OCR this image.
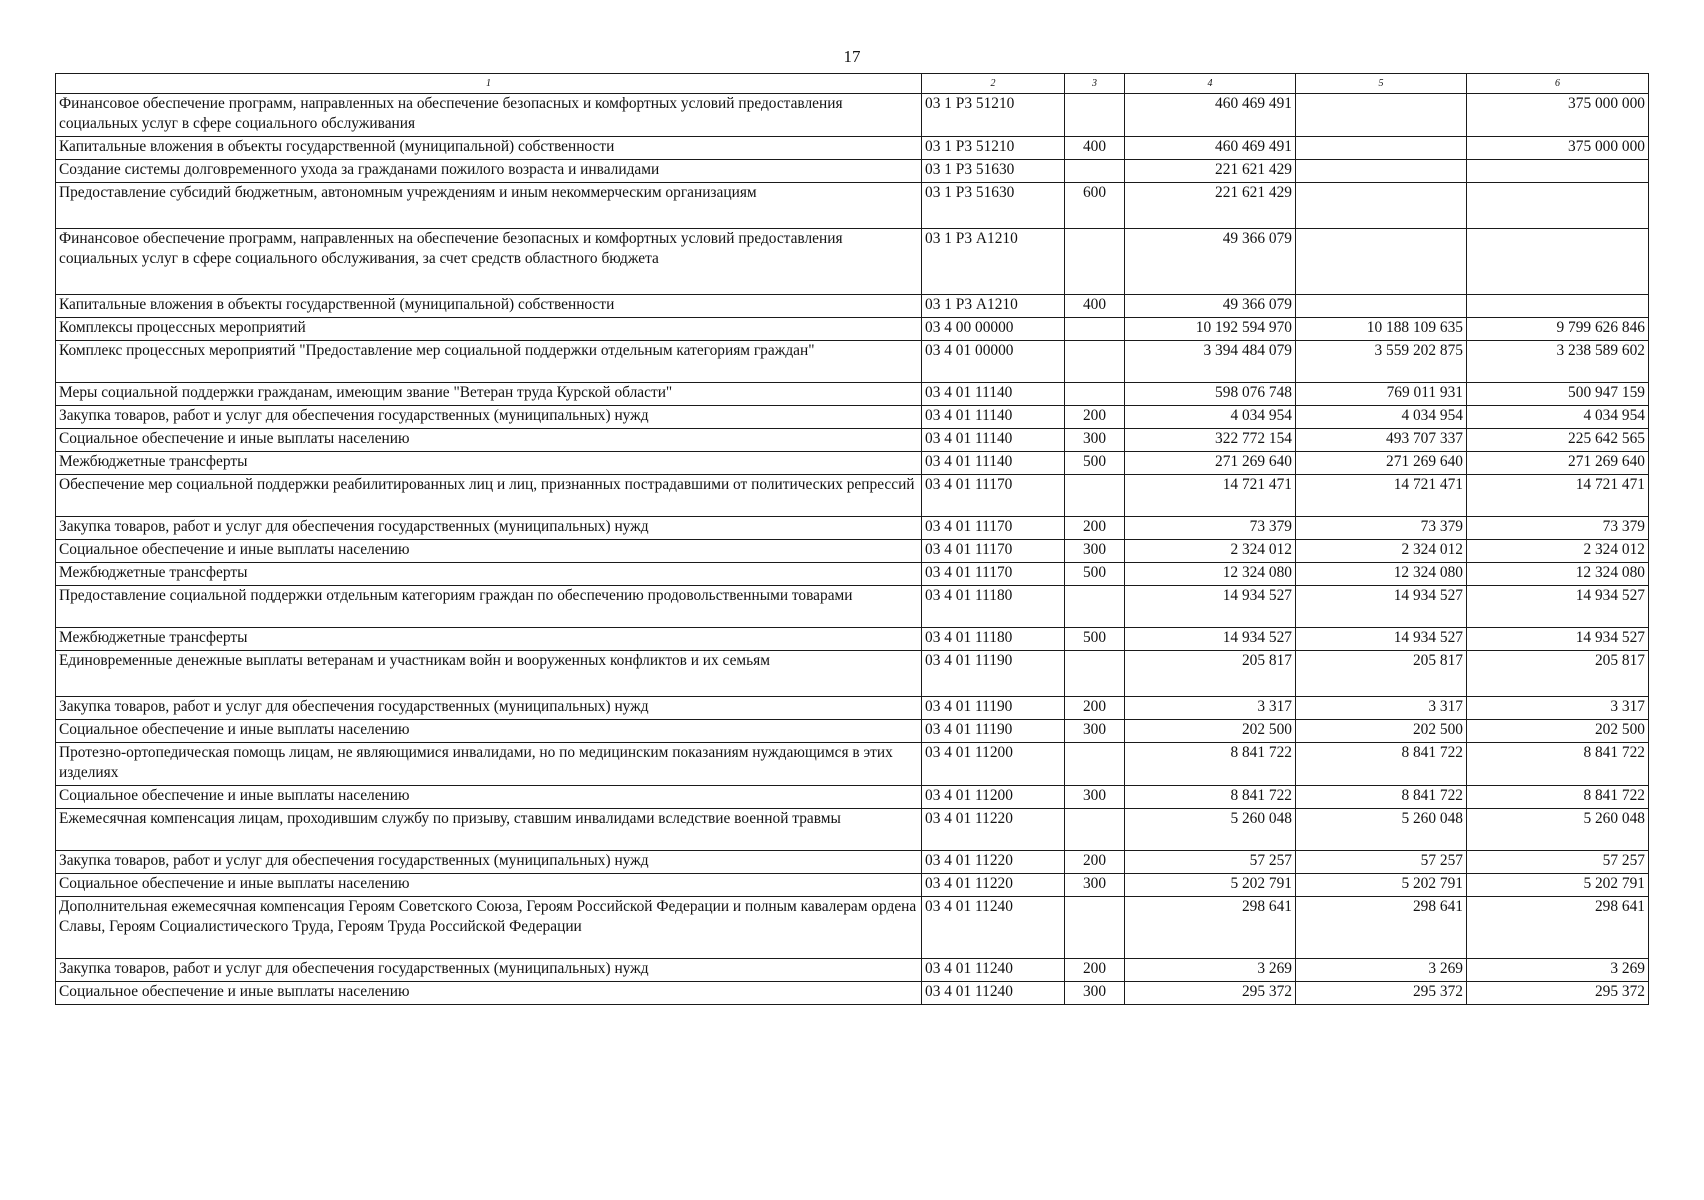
17
1	2	3	4	5	6
Финансовое обеспечение программ, направленных на обеспечение безопасных и комфортных условий предоставления социальных услуг в сфере социального обслуживания	03 1 Р3 51210		460 469 491		375 000 000
Капитальные вложения в объекты государственной (муниципальной) собственности	03 1 Р3 51210	400	460 469 491		375 000 000
Создание системы долговременного ухода за гражданами пожилого возраста и инвалидами	03 1 Р3 51630		221 621 429		
Предоставление субсидий бюджетным, автономным учреждениям и иным некоммерческим организациям	03 1 Р3 51630	600	221 621 429		
Финансовое обеспечение программ, направленных на обеспечение безопасных и комфортных условий предоставления социальных услуг в сфере социального обслуживания, за счет средств областного бюджета	03 1 Р3 А1210		49 366 079		
Капитальные вложения в объекты государственной (муниципальной) собственности	03 1 Р3 А1210	400	49 366 079		
Комплексы процессных мероприятий	03 4 00 00000		10 192 594 970	10 188 109 635	9 799 626 846
Комплекс процессных мероприятий "Предоставление мер социальной поддержки отдельным категориям граждан"	03 4 01 00000		3 394 484 079	3 559 202 875	3 238 589 602
Меры социальной поддержки гражданам, имеющим звание "Ветеран труда Курской области"	03 4 01 11140		598 076 748	769 011 931	500 947 159
Закупка товаров, работ и услуг для обеспечения государственных (муниципальных) нужд	03 4 01 11140	200	4 034 954	4 034 954	4 034 954
Социальное обеспечение и иные выплаты населению	03 4 01 11140	300	322 772 154	493 707 337	225 642 565
Межбюджетные трансферты	03 4 01 11140	500	271 269 640	271 269 640	271 269 640
Обеспечение мер социальной поддержки реабилитированных лиц и лиц, признанных пострадавшими от политических репрессий	03 4 01 11170		14 721 471	14 721 471	14 721 471
Закупка товаров, работ и услуг для обеспечения государственных (муниципальных) нужд	03 4 01 11170	200	73 379	73 379	73 379
Социальное обеспечение и иные выплаты населению	03 4 01 11170	300	2 324 012	2 324 012	2 324 012
Межбюджетные трансферты	03 4 01 11170	500	12 324 080	12 324 080	12 324 080
Предоставление социальной поддержки отдельным категориям граждан по обеспечению продовольственными товарами	03 4 01 11180		14 934 527	14 934 527	14 934 527
Межбюджетные трансферты	03 4 01 11180	500	14 934 527	14 934 527	14 934 527
Единовременные денежные выплаты ветеранам и участникам войн и вооруженных конфликтов и их семьям	03 4 01 11190		205 817	205 817	205 817
Закупка товаров, работ и услуг для обеспечения государственных (муниципальных) нужд	03 4 01 11190	200	3 317	3 317	3 317
Социальное обеспечение и иные выплаты населению	03 4 01 11190	300	202 500	202 500	202 500
Протезно-ортопедическая помощь лицам, не являющимися инвалидами, но по медицинским показаниям нуждающимся в этих изделиях	03 4 01 11200		8 841 722	8 841 722	8 841 722
Социальное обеспечение и иные выплаты населению	03 4 01 11200	300	8 841 722	8 841 722	8 841 722
Ежемесячная компенсация лицам, проходившим службу по призыву, ставшим инвалидами вследствие военной травмы	03 4 01 11220		5 260 048	5 260 048	5 260 048
Закупка товаров, работ и услуг для обеспечения государственных (муниципальных) нужд	03 4 01 11220	200	57 257	57 257	57 257
Социальное обеспечение и иные выплаты населению	03 4 01 11220	300	5 202 791	5 202 791	5 202 791
Дополнительная ежемесячная компенсация Героям Советского Союза, Героям Российской Федерации и полным кавалерам ордена Славы, Героям Социалистического Труда, Героям Труда Российской Федерации	03 4 01 11240		298 641	298 641	298 641
Закупка товаров, работ и услуг для обеспечения государственных (муниципальных) нужд	03 4 01 11240	200	3 269	3 269	3 269
Социальное обеспечение и иные выплаты населению	03 4 01 11240	300	295 372	295 372	295 372
